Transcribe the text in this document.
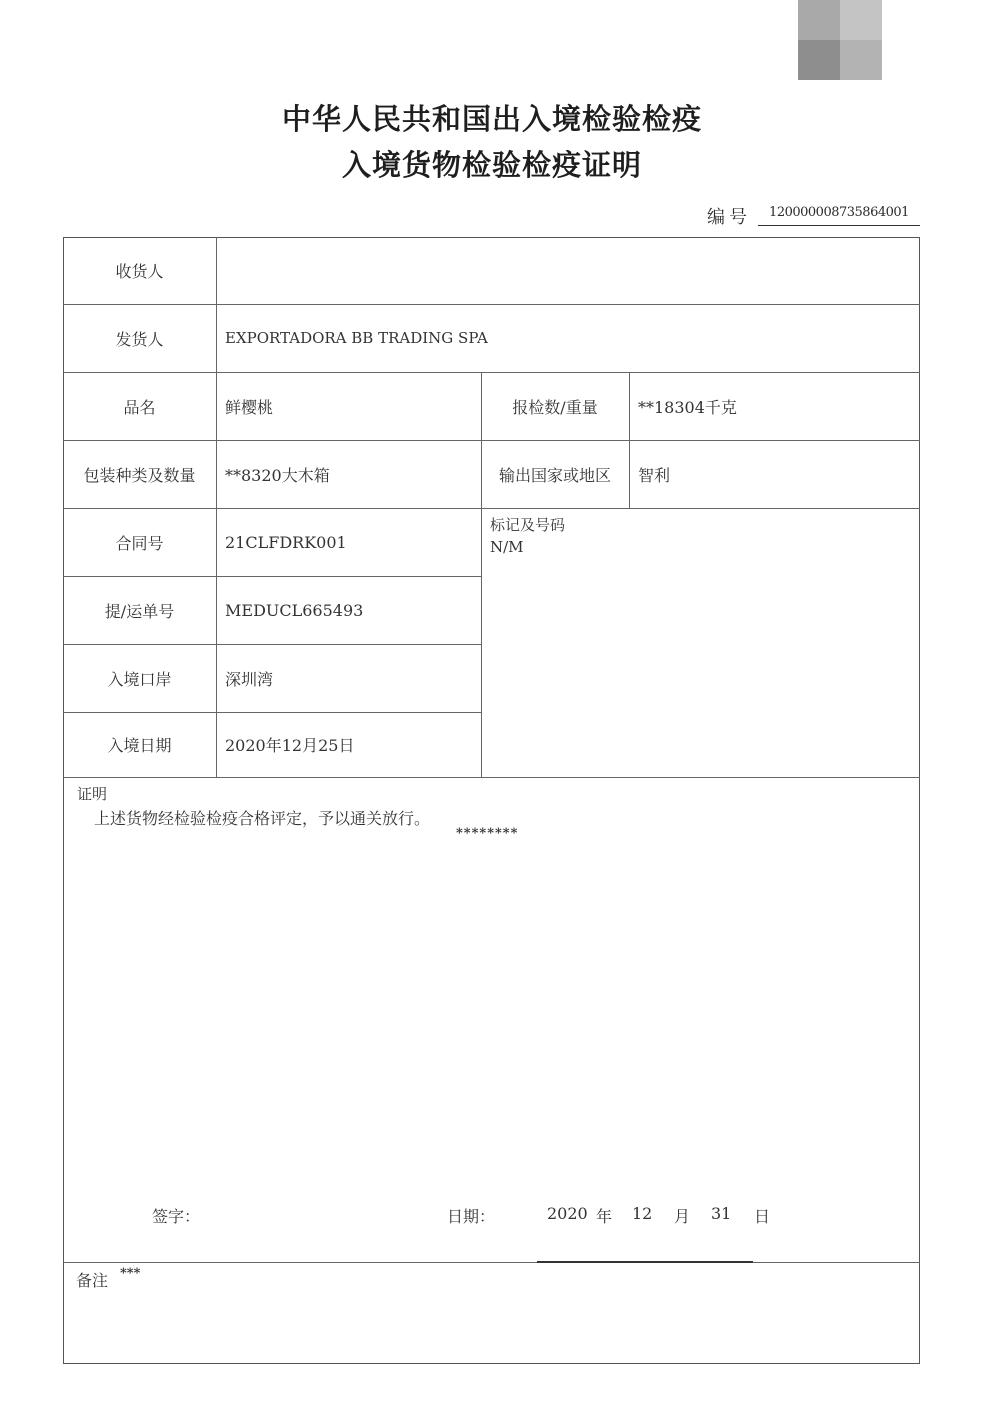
中华人民共和国出入境检验检疫
入境货物检验检疫证明
编号	120000008735864001
收货人
发货人	EXPORTADORA BB TRADING SPA
品名	鲜樱桃	报检数/重量	**18304千克
包装种类及数量	**8320大木箱	输出国家或地区	智利
合同号	21CLFDRK001
提/运单号	MEDUCL665493
入境口岸	深圳湾
入境日期	2020年12月25日
标记及号码
N/M
证明
上述货物经检验检疫合格评定，予以通关放行。
********
签字：	日期：	2020 年 12 月 31 日
备注 ***
